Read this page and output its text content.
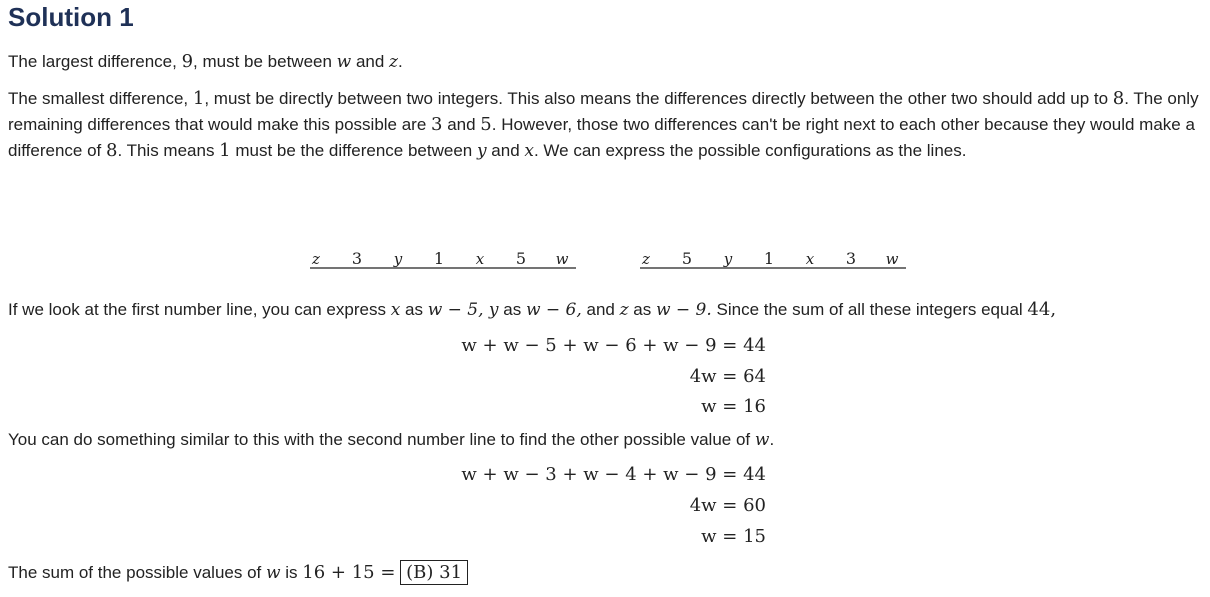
Solution 1
The largest difference, 9, must be between w and z.
The smallest difference, 1, must be directly between two integers. This also means the differences directly between the other two should add up to 8. The only remaining differences that would make this possible are 3 and 5. However, those two differences can't be right next to each other because they would make a difference of 8. This means 1 must be the difference between y and x. We can express the possible configurations as the lines.
z 3 y 1 x 5 w	z 5 y 1 x 3 w
If we look at the first number line, you can express x as w − 5, y as w − 6, and z as w − 9. Since the sum of all these integers equal 44,
w + w − 5 + w − 6 + w − 9 = 44
4w = 64
w = 16
You can do something similar to this with the second number line to find the other possible value of w.
w + w − 3 + w − 4 + w − 9 = 44
4w = 60
w = 15
The sum of the possible values of w is 16 + 15 = (B) 31
